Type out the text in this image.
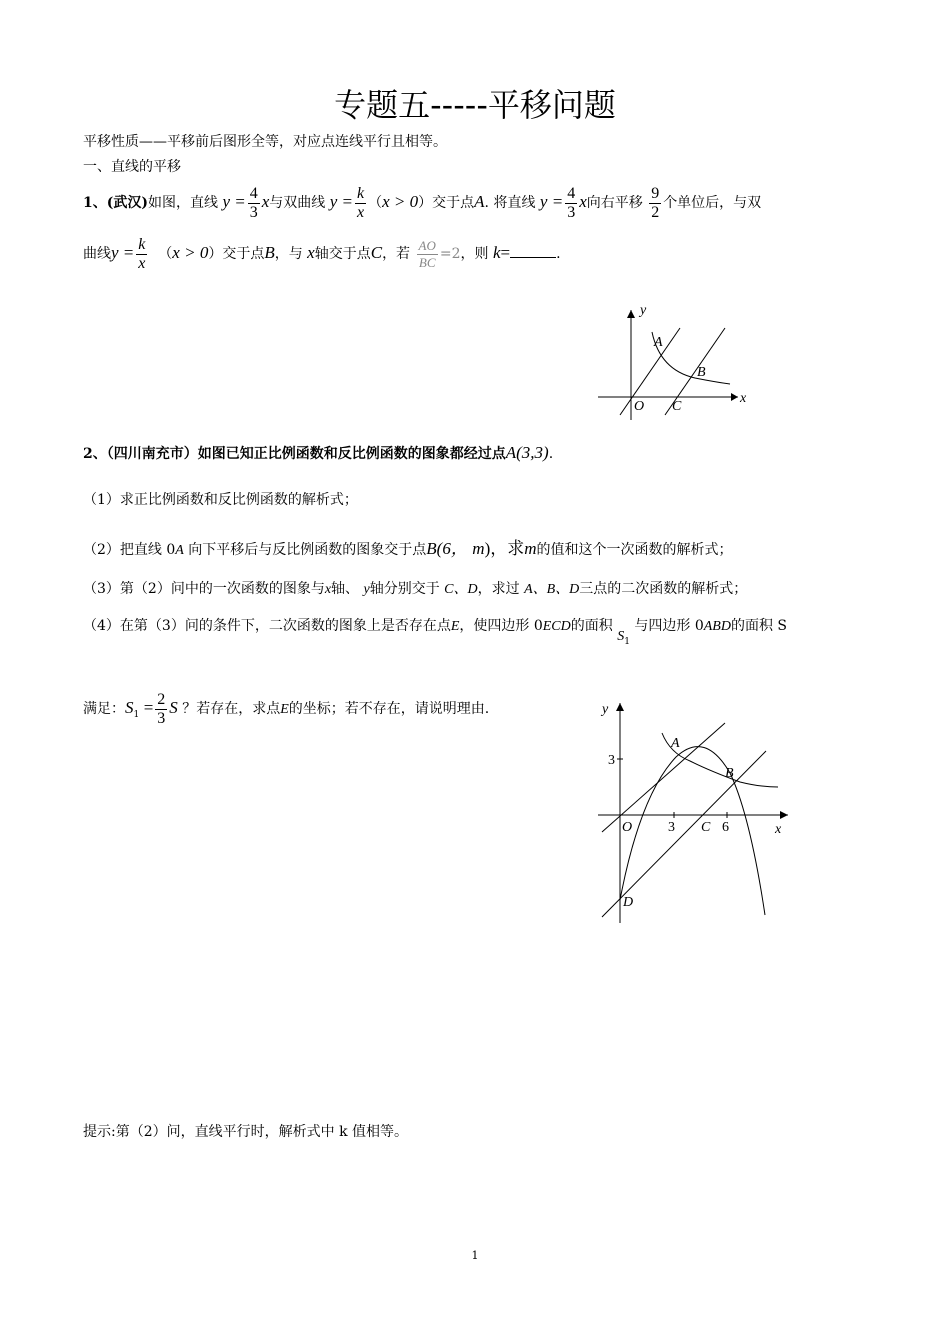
专题五-----平移问题
平移性质——平移前后图形全等，对应点连线平行且相等。
一、直线的平移
1、(武汉)如图，直线 $y = \frac{4}{3}$ x与双曲线 $y = \frac{k}{x} (x > 0)$交于点A. 将直线 $y = \frac{4}{3}$ x向右平移 $\frac{9}{2}$ 个单位后，与双
曲线$y = \frac{k}{x} (x > 0)$交于点B，与 x轴交于点C，若 $\frac{AO}{BC} =2$，则 k=	.
y
x
A
B
O C
2、（四川南充市）如图已知正比例函数和反比例函数的图象都经过点A(3,3).
（1）求正比例函数和反比例函数的解析式；
（2）把直线 0A 向下平移后与反比例函数的图象交于点B(6， m)，求m的值和这个一次函数的解析式；
（3）第（2）问中的一次函数的图象与x轴、 y轴分别交于 C、D，求过 A、B、D三点的二次函数的解析式；
（4）在第（3）问的条件下，二次函数的图象上是否存在点E，使四边形 0ECD的面积 $S_1$ 与四边形 0ABD的面积 S
满足：$S_1 = \frac{2}{3}$ S ？若存在，求点E的坐标；若不存在，请说明理由.	y
x
A
B
O	C
D
3
3	6
提示:第（2）问，直线平行时，解析式中 k 值相等。
1
